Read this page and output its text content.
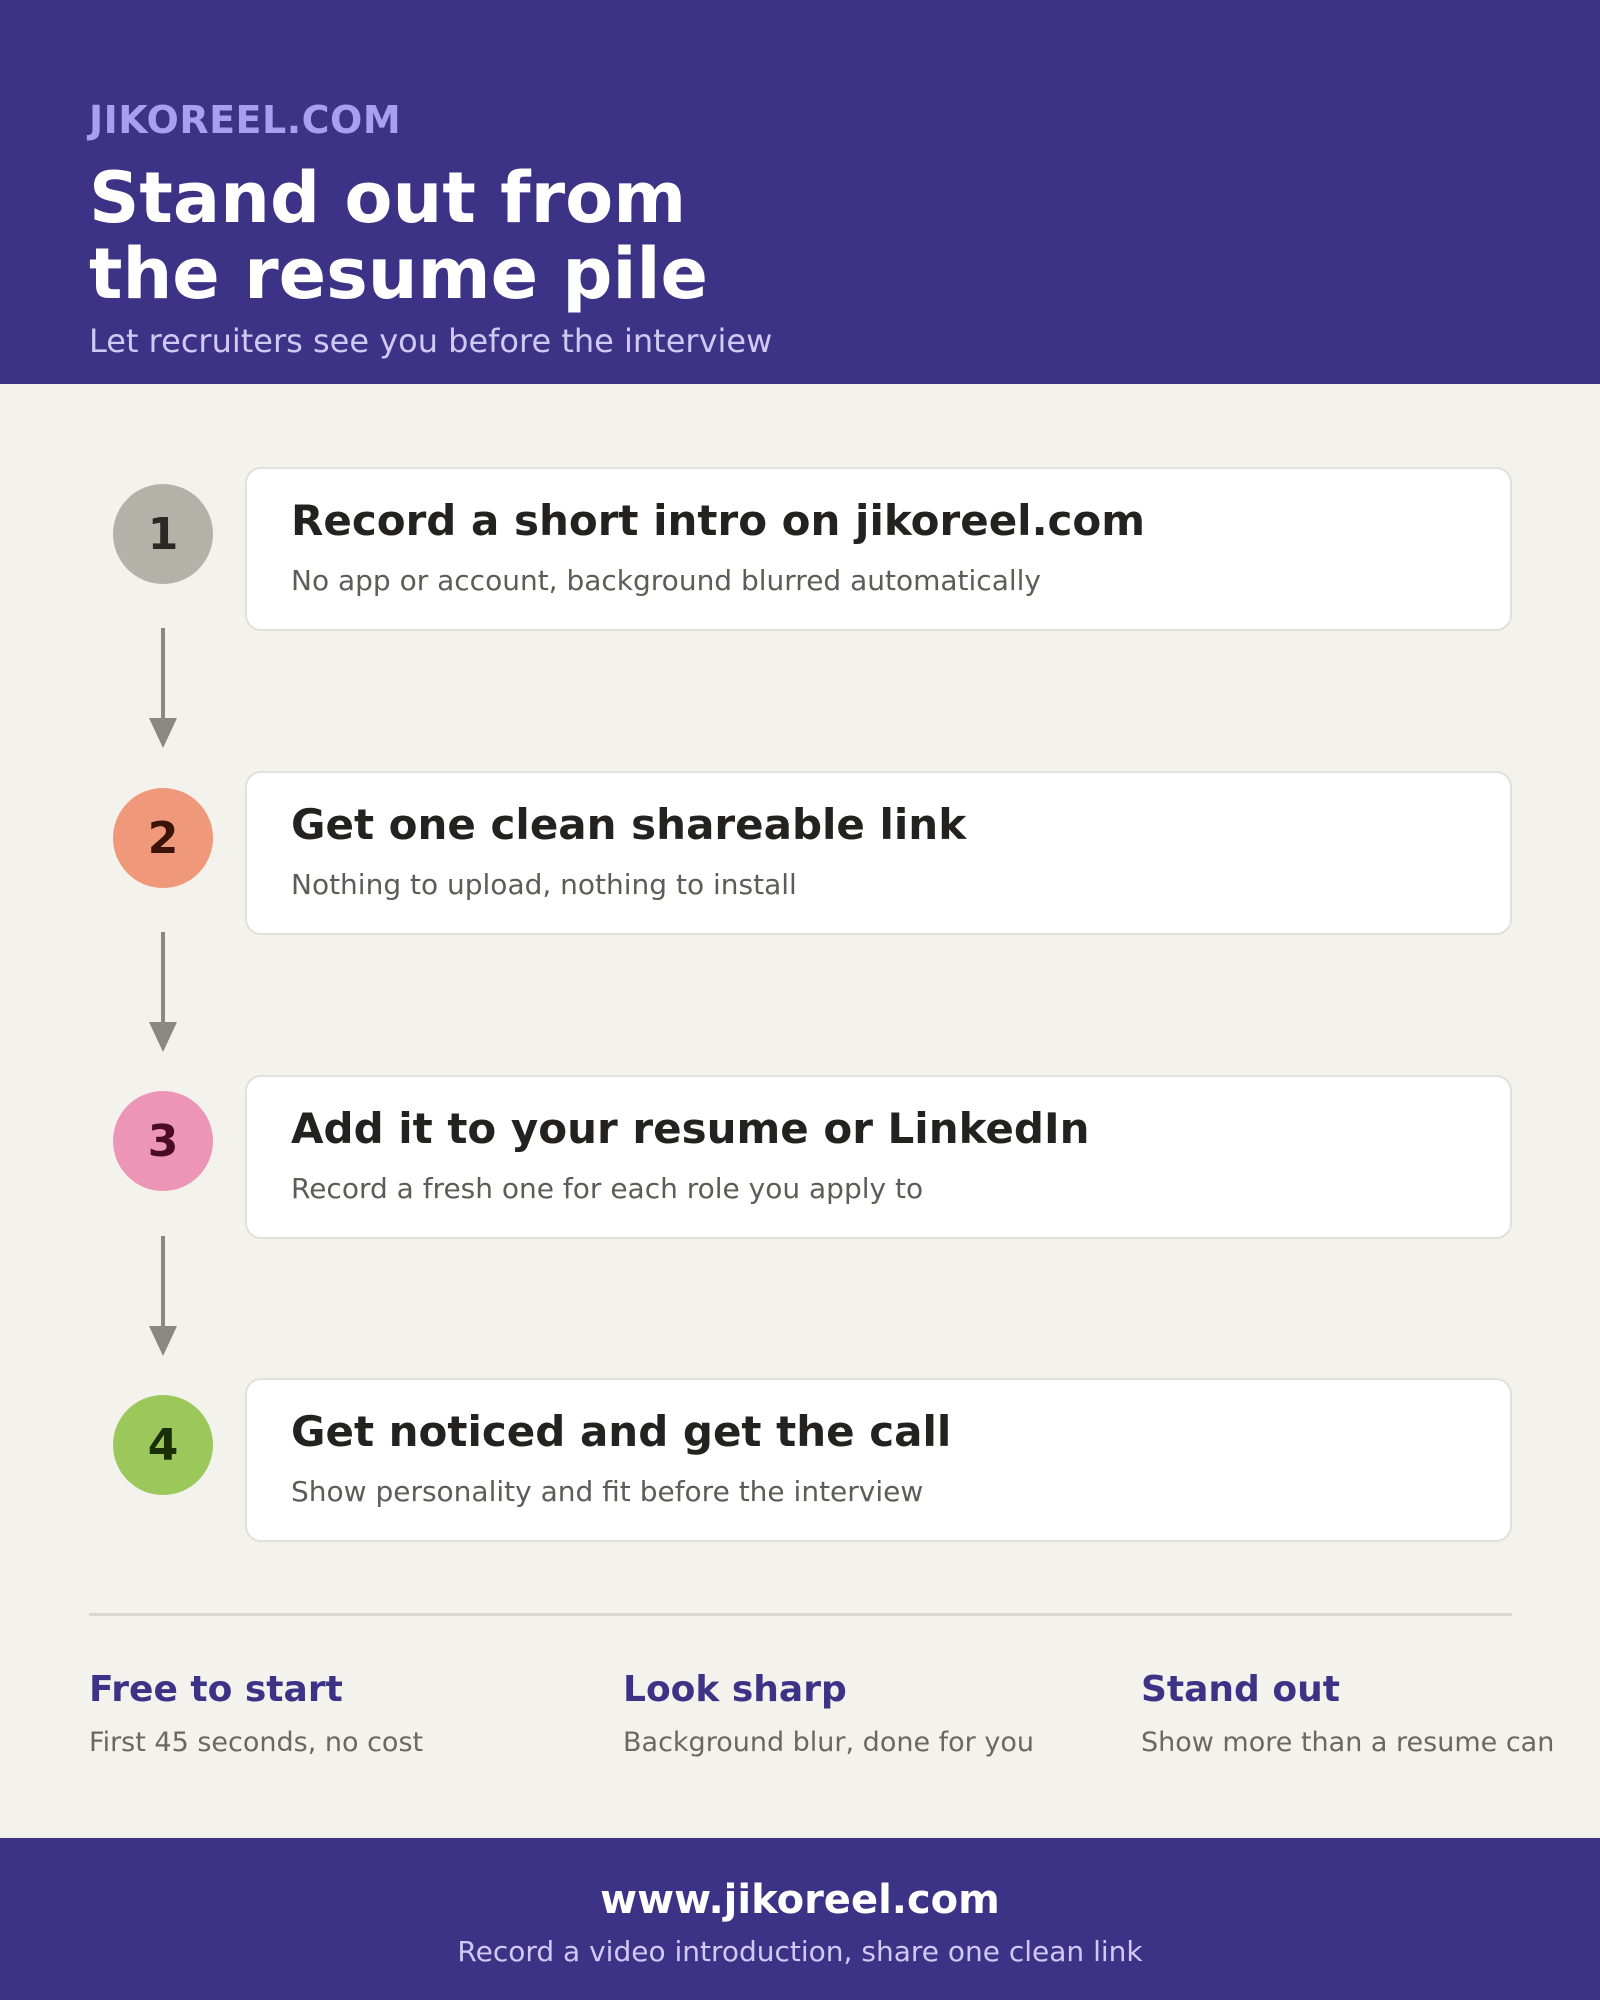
JIKOREEL.COM
Stand out from
the resume pile
Let recruiters see you before the interview
1	Record a short intro on jikoreel.com
No app or account, background blurred automatically
2	Get one clean shareable link
Nothing to upload, nothing to install
3	Add it to your resume or LinkedIn
Record a fresh one for each role you apply to
4	Get noticed and get the call
Show personality and fit before the interview
Free to start
First 45 seconds, no cost
Look sharp
Background blur, done for you
Stand out
Show more than a resume can
www.jikoreel.com
Record a video introduction, share one clean link
